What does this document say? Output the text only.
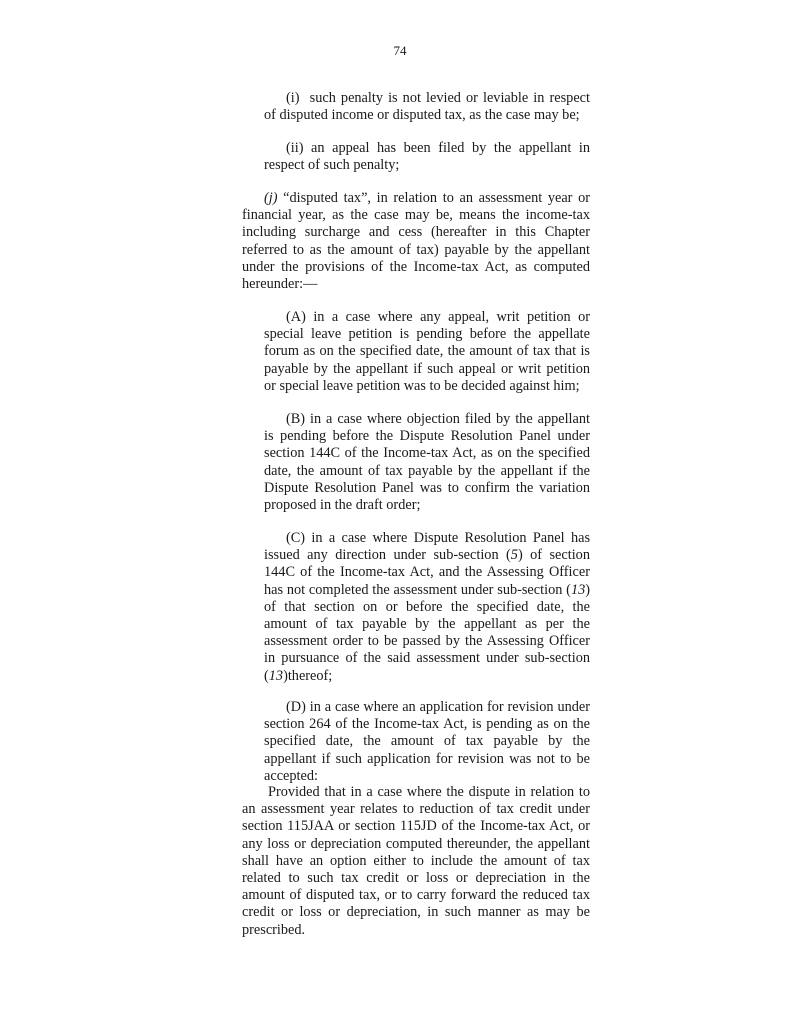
74

(i) such penalty is not levied or leviable in respect of disputed income or disputed tax, as the case may be;

(ii) an appeal has been filed by the appellant in respect of such penalty;

(j) “disputed tax”, in relation to an assessment year or financial year, as the case may be, means the income-tax including surcharge and cess (hereafter in this Chapter referred to as the amount of tax) payable by the appellant under the provisions of the Income-tax Act, as computed hereunder:—

(A) in a case where any appeal, writ petition or special leave petition is pending before the appellate forum as on the specified date, the amount of tax that is payable by the appellant if such appeal or writ petition or special leave petition was to be decided against him;

(B) in a case where objection filed by the appellant is pending before the Dispute Resolution Panel under section 144C of the Income-tax Act, as on the specified date, the amount of tax payable by the appellant if the Dispute Resolution Panel was to confirm the variation proposed in the draft order;

(C) in a case where Dispute Resolution Panel has issued any direction under sub-section (5) of section 144C of the Income-tax Act, and the Assessing Officer has not completed the assessment under sub-section (13) of that section on or before the specified date, the amount of tax payable by the appellant as per the assessment order to be passed by the Assessing Officer in pursuance of the said assessment under sub-section (13)thereof;

(D) in a case where an application for revision under section 264 of the Income-tax Act, is pending as on the specified date, the amount of tax payable by the appellant if such application for revision was not to be accepted:

Provided that in a case where the dispute in relation to an assessment year relates to reduction of tax credit under section 115JAA or section 115JD of the Income-tax Act, or any loss or depreciation computed thereunder, the appellant shall have an option either to include the amount of tax related to such tax credit or loss or depreciation in the amount of disputed tax, or to carry forward the reduced tax credit or loss or depreciation, in such manner as may be prescribed.
